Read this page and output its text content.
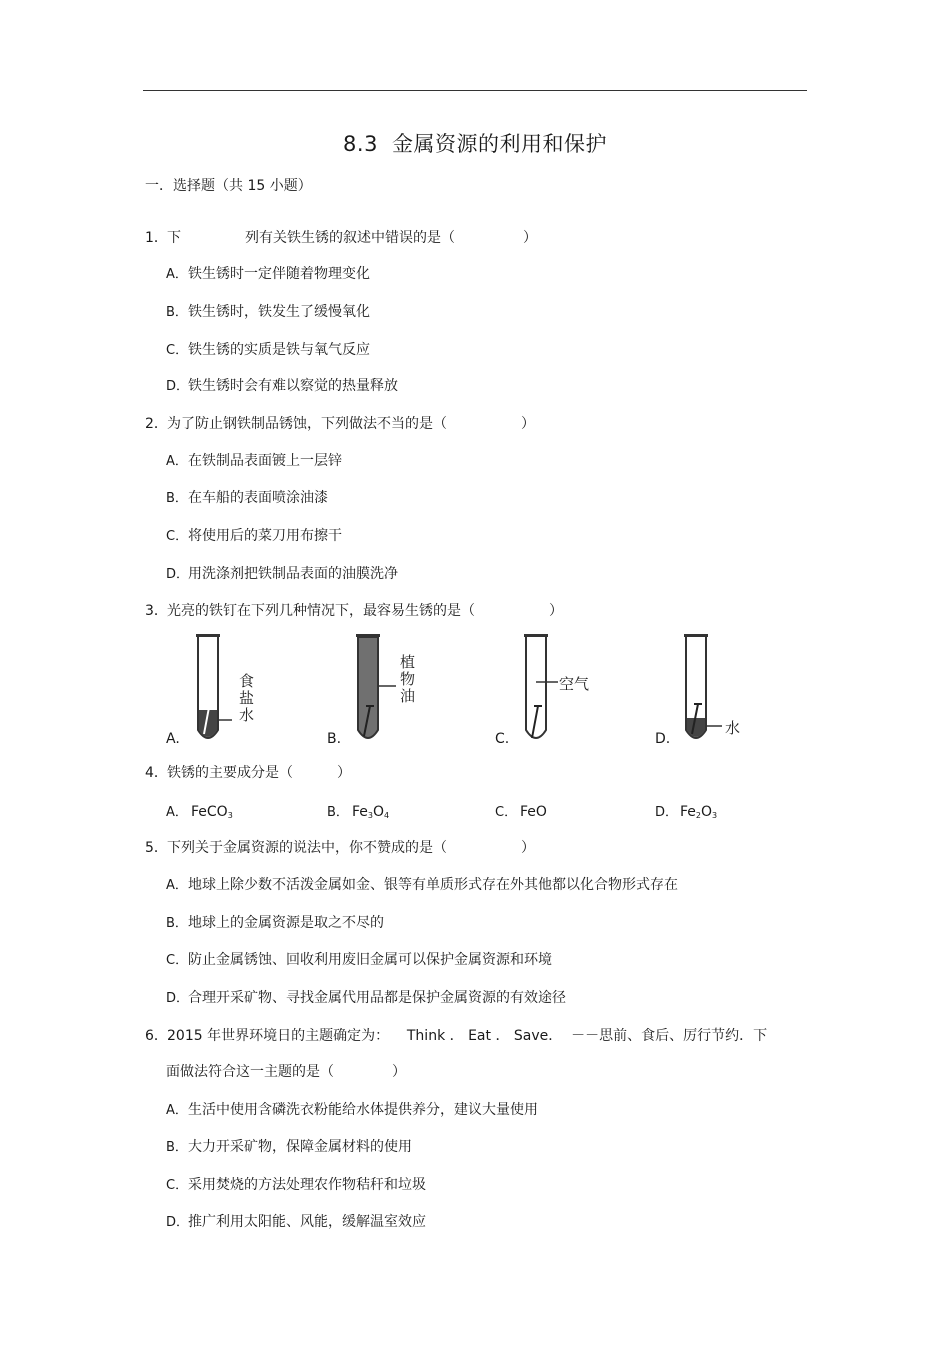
8.3 金属资源的利用和保护
一．选择题（共 15 小题）
1．下	列有关铁生锈的叙述中错误的是（	）
A．铁生锈时一定伴随着物理变化
B．铁生锈时，铁发生了缓慢氧化
C．铁生锈的实质是铁与氧气反应
D．铁生锈时会有难以察觉的热量释放
2．为了防止钢铁制品锈蚀，下列做法不当的是（	）
A．在铁制品表面镀上一层锌
B．在车船的表面喷涂油漆
C．将使用后的菜刀用布擦干
D．用洗涤剂把铁制品表面的油膜洗净
3．光亮的铁钉在下列几种情况下，最容易生锈的是（	）
食盐水
A.
植物油
B.
空气
C.
水
D.
4．铁锈的主要成分是（	）
A． FeCO$_3$	B． $Fe_3O_4$	C． FeO	D． $Fe_2O_3$
5．下列关于金属资源的说法中，你不赞成的是（	）
A．地球上除少数不活泼金属如金、银等有单质形式存在外其他都以化合物形式存在
B．地球上的金属资源是取之不尽的
C．防止金属锈蚀、回收利用废旧金属可以保护金属资源和环境
D．合理开采矿物、寻找金属代用品都是保护金属资源的有效途径
6．2015 年世界环境日的主题确定为：    Think ． Eat ． Save．  －－思前、食后、厉行节约．下
面做法符合这一主题的是（	）
A．生活中使用含磷洗衣粉能给水体提供养分，建议大量使用
B．大力开采矿物，保障金属材料的使用
C．采用焚烧的方法处理农作物秸秆和垃圾
D．推广利用太阳能、风能，缓解温室效应
